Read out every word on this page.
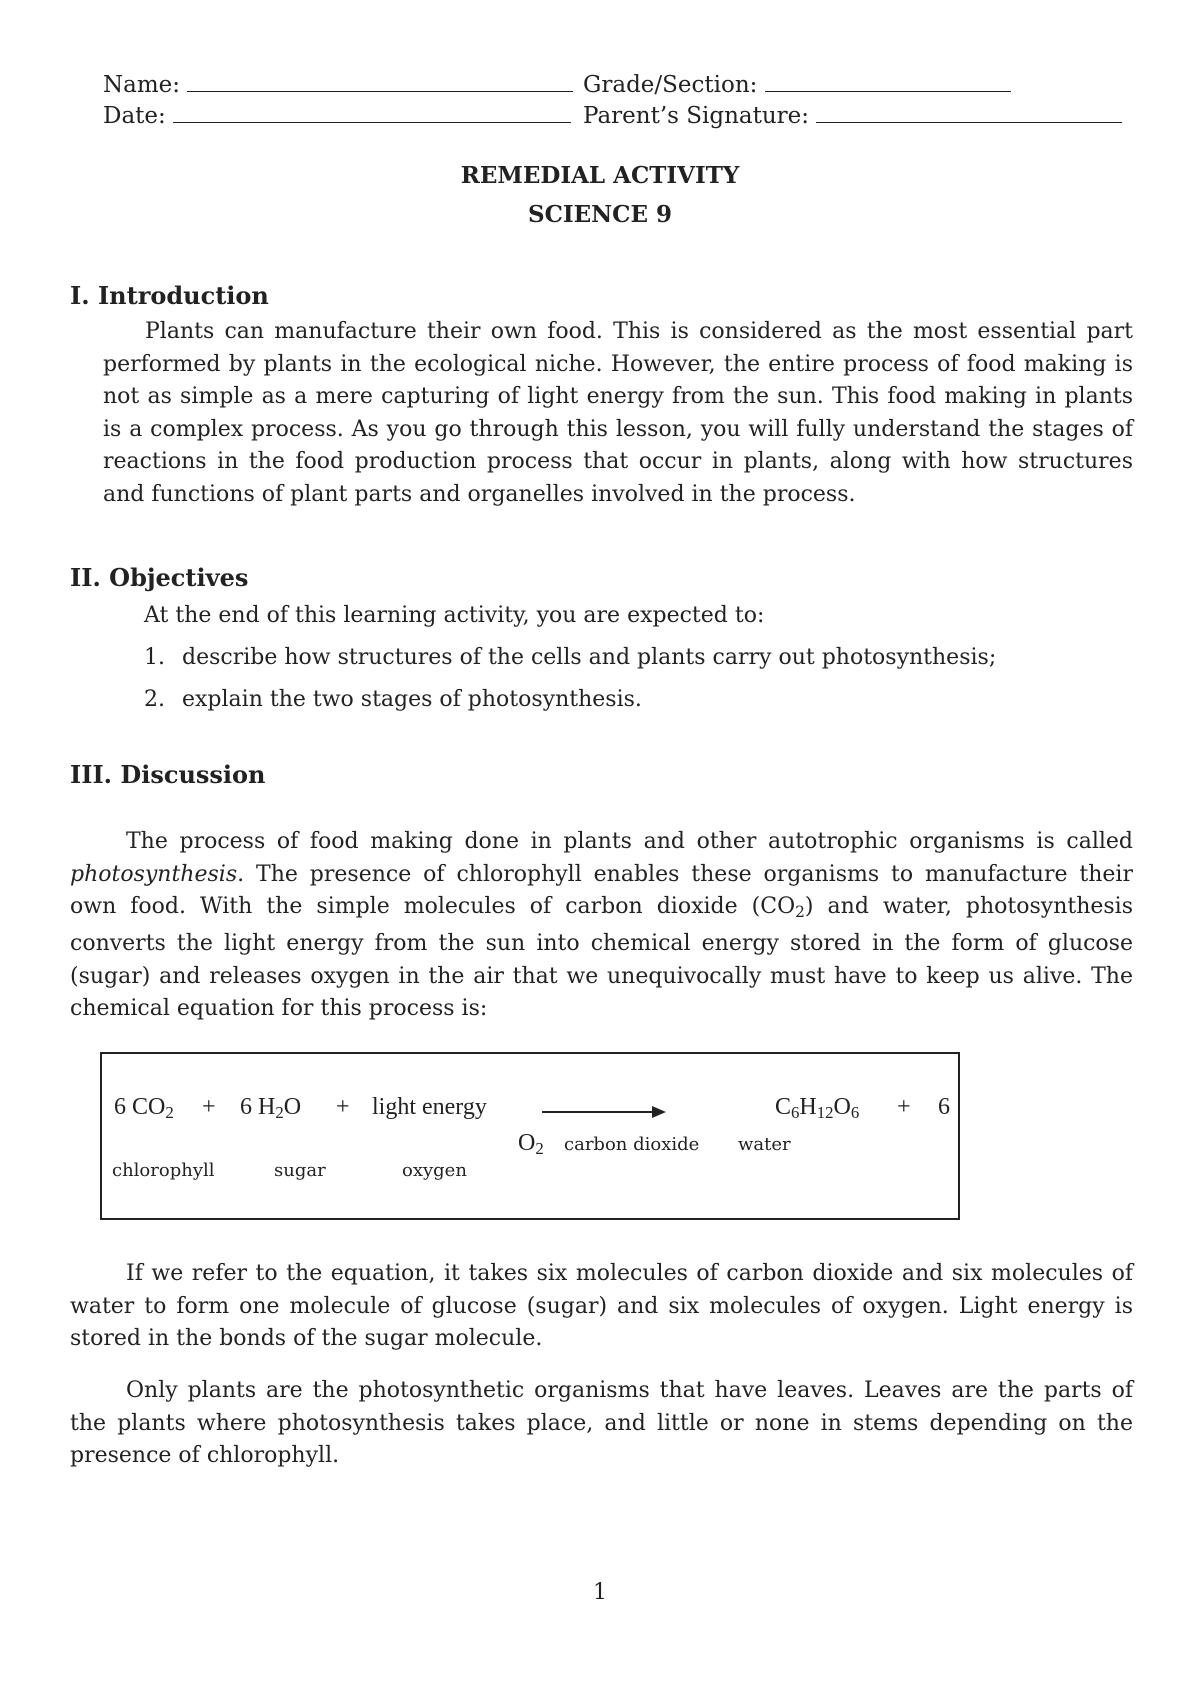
Name:	Grade/Section:
Date:	Parent’s Signature:
REMEDIAL ACTIVITY
SCIENCE 9
I. Introduction

Plants can manufacture their own food. This is considered as the most essential part performed by plants in the ecological niche. However, the entire process of food making is not as simple as a mere capturing of light energy from the sun. This food making in plants is a complex process. As you go through this lesson, you will fully understand the stages of reactions in the food production process that occur in plants, along with how structures and functions of plant parts and organelles involved in the process.

II. Objectives
At the end of this learning activity, you are expected to:
1. describe how structures of the cells and plants carry out photosynthesis;
2. explain the two stages of photosynthesis.
III. Discussion

The process of food making done in plants and other autotrophic organisms is called photosynthesis. The presence of chlorophyll enables these organisms to manufacture their own food. With the simple molecules of carbon dioxide $(CO_2)$ and water, photosynthesis converts the light energy from the sun into chemical energy stored in the form of glucose (sugar) and releases oxygen in the air that we unequivocally must have to keep us alive. The chemical equation for this process is:

6 $CO_2 + 6$ $H_2O$ + light energy	$C_6H_{12}O_6 + 6$
$O_2$ carbon dioxide water
chlorophyll	sugar	oxygen

If we refer to the equation, it takes six molecules of carbon dioxide and six molecules of water to form one molecule of glucose (sugar) and six molecules of oxygen. Light energy is stored in the bonds of the sugar molecule.

Only plants are the photosynthetic organisms that have leaves. Leaves are the parts of the plants where photosynthesis takes place, and little or none in stems depending on the presence of chlorophyll.

1
